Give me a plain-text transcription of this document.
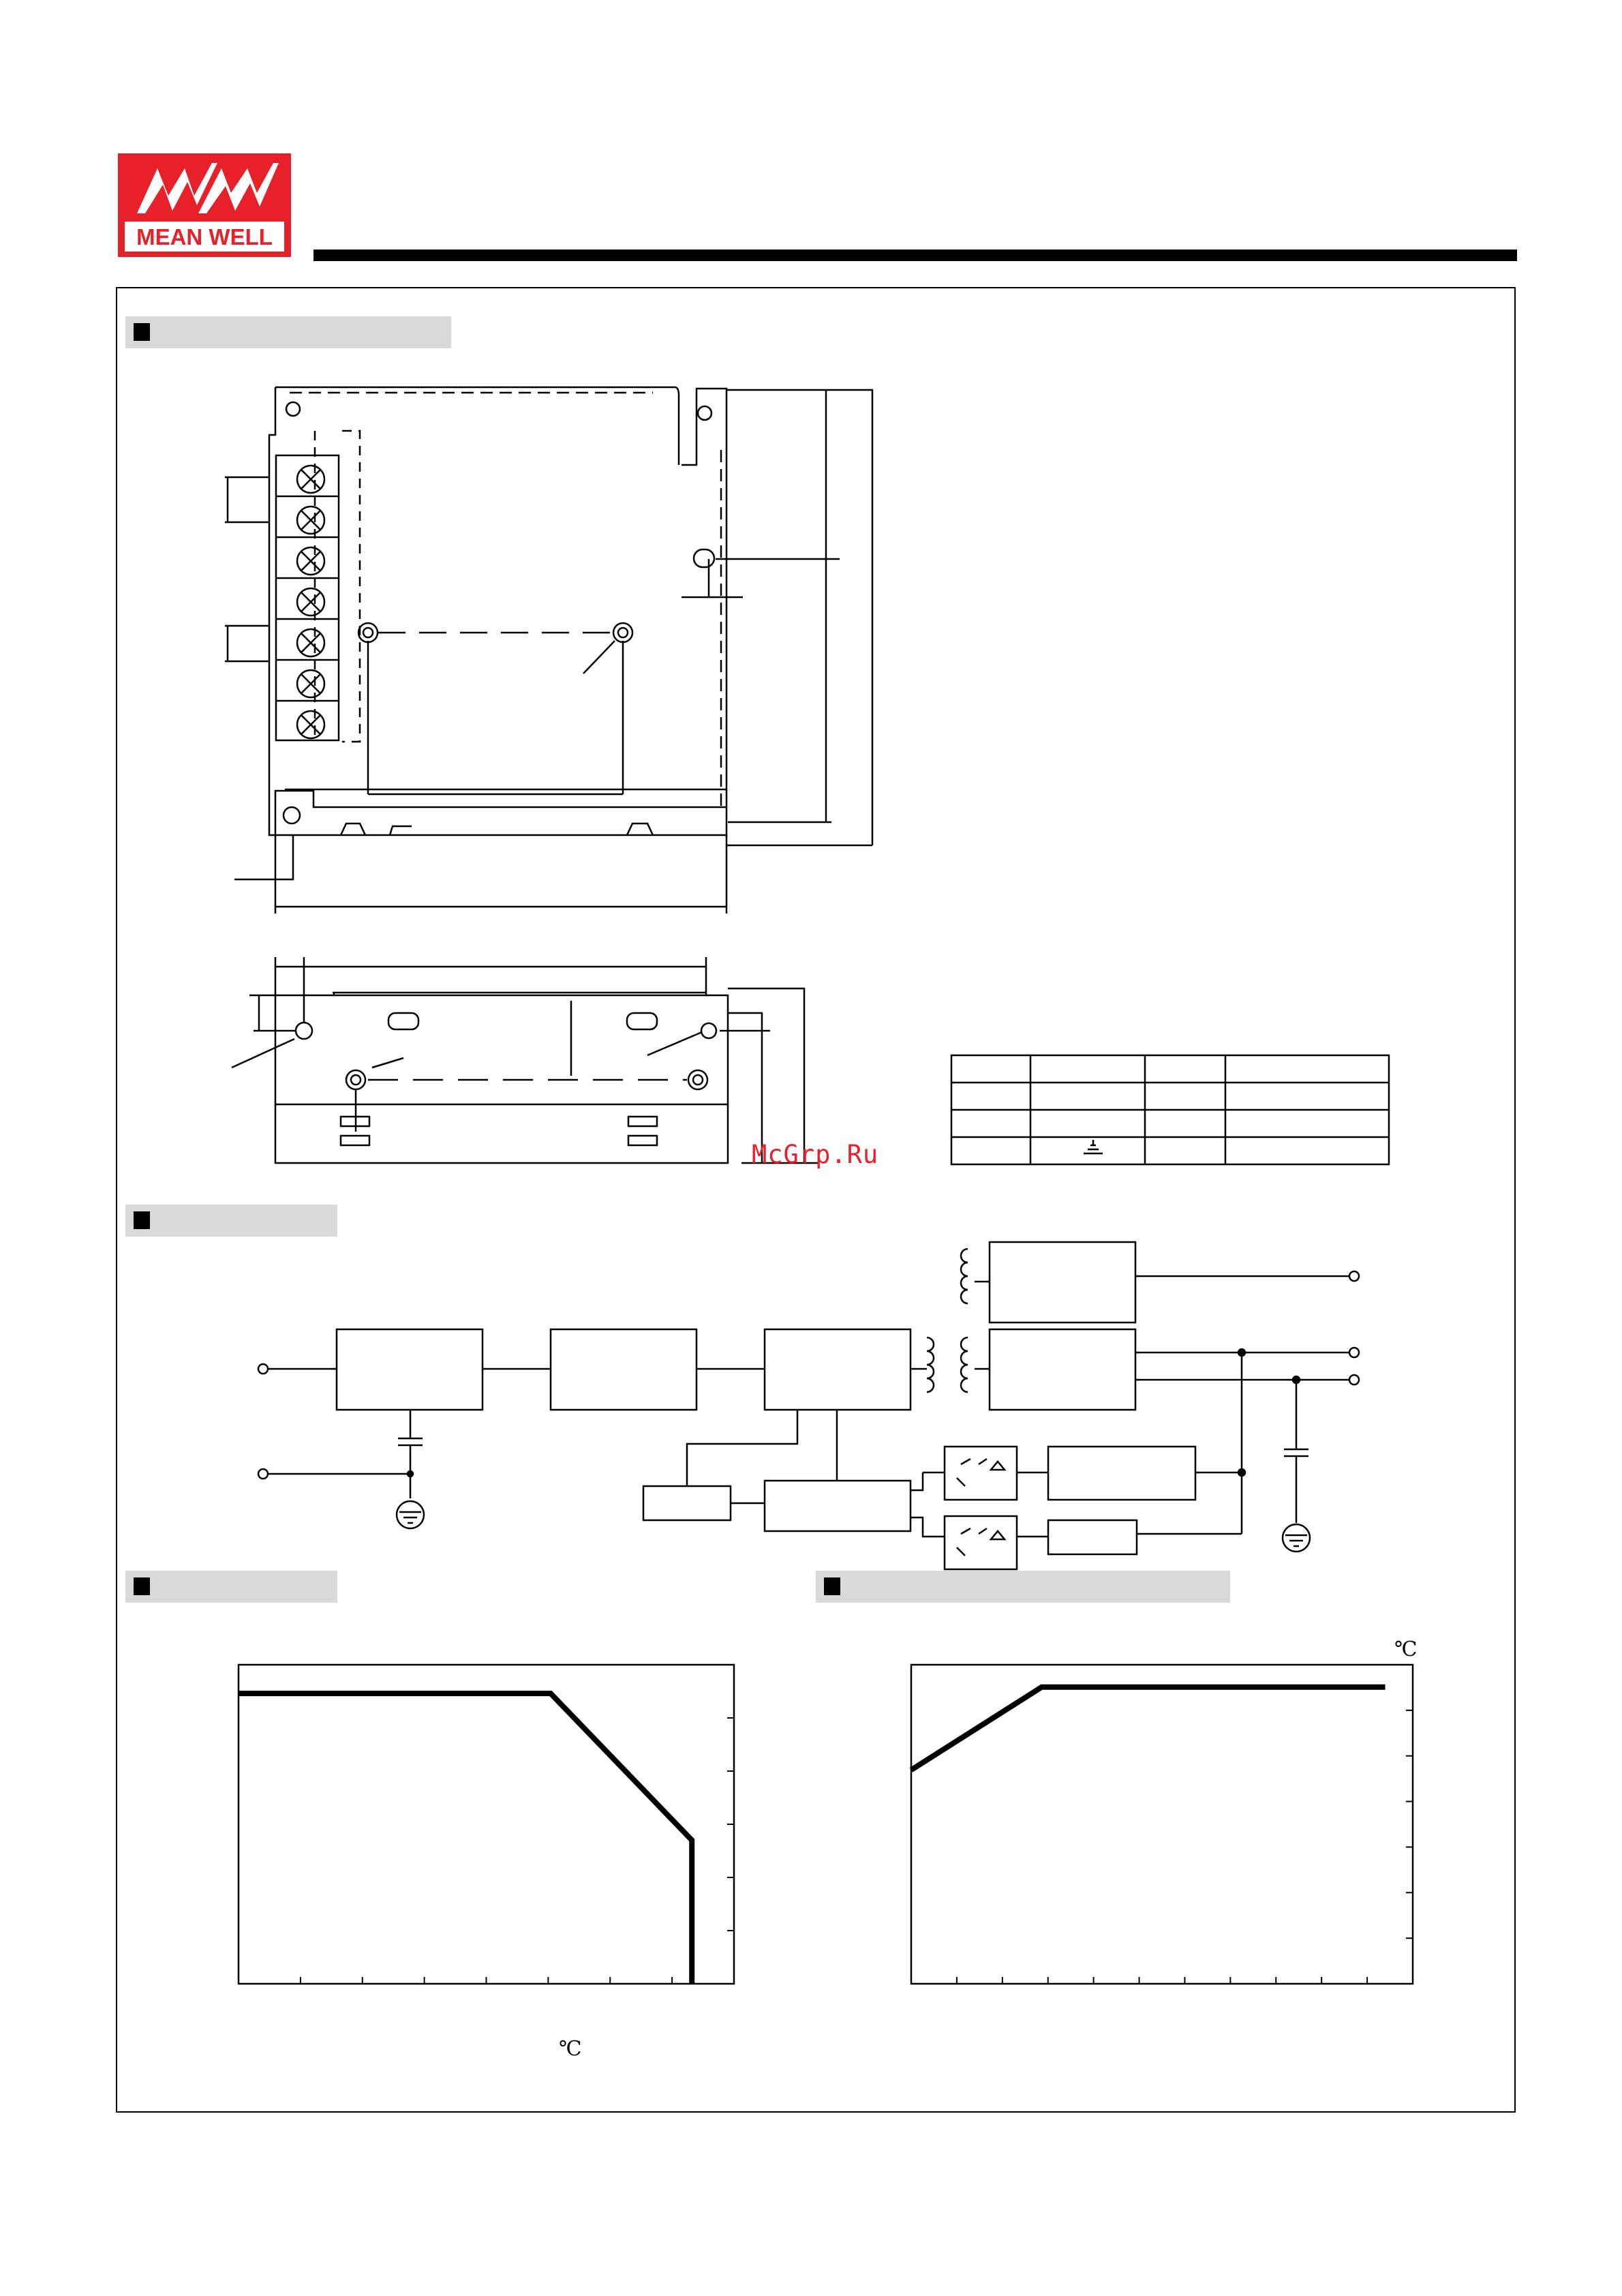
MEAN WELL
McGrp.Ru
℃
℃
